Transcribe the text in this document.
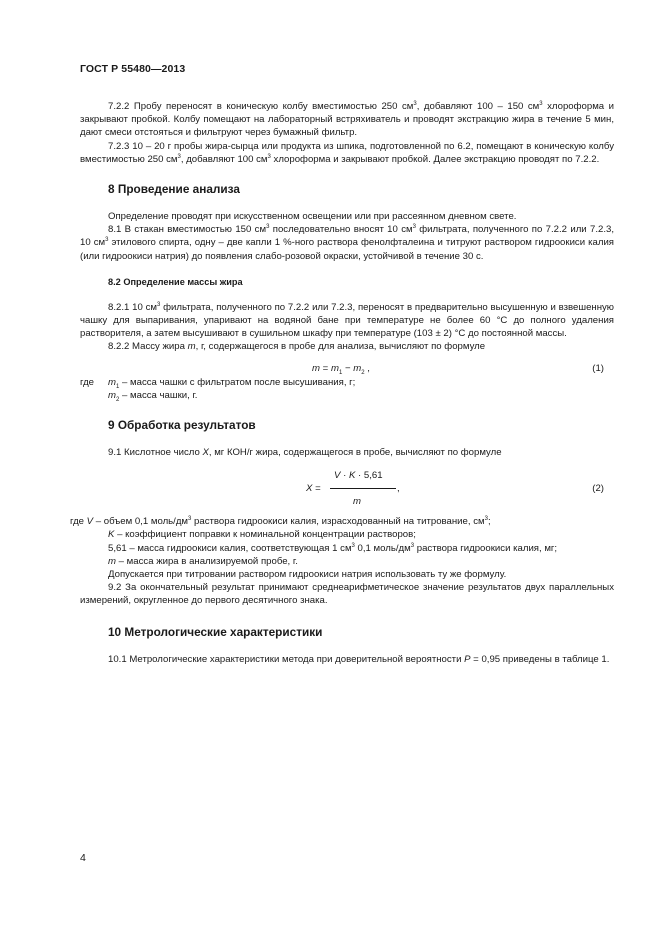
ГОСТ Р 55480—2013

7.2.2 Пробу переносят в коническую колбу вместимостью 250 $см^3$, добавляют 100 – 150 $см^3$ хлороформа и закрывают пробкой. Колбу помещают на лабораторный встряхиватель и проводят экстракцию жира в течение 5 мин, дают смеси отстояться и фильтруют через бумажный фильтр.

7.2.3 10 – 20 г пробы жира-сырца или продукта из шпика, подготовленной по 6.2, помещают в коническую колбу вместимостью 250 $см^3$, добавляют 100 $см^3$ хлороформа и закрывают пробкой. Далее экстракцию проводят по 7.2.2.

8 Проведение анализа

Определение проводят при искусственном освещении или при рассеянном дневном свете.

8.1 В стакан вместимостью 150 $см^3$ последовательно вносят 10 $см^3$ фильтрата, полученного по 7.2.2 или 7.2.3, 10 $см^3$ этилового спирта, одну – две капли 1 %-ного раствора фенолфталеина и титруют раствором гидроокиси калия (или гидроокиси натрия) до появления слабо-розовой окраски, устойчивой в течение 30 с.

8.2 Определение массы жира

8.2.1 10 $см^3$ фильтрата, полученного по 7.2.2 или 7.2.3, переносят в предварительно высушенную и взвешенную чашку для выпаривания, упаривают на водяной бане при температуре не более 60 °С до полного удаления растворителя, а затем высушивают в сушильном шкафу при температуре (103 ± 2) °С до постоянной массы.

8.2.2 Массу жира m, г, содержащегося в пробе для анализа, вычисляют по формуле

$m = m_1 - m_2$ ,	(1)
где $m_1$ – масса чашки с фильтратом после высушивания, г;
$m_2$ – масса чашки, г.
9 Обработка результатов

9.1 Кислотное число X, мг КОН/г жира, содержащегося в пробе, вычисляют по формуле

V · K · 5,61
X =	,
m
(2)
где V – объем 0,1 моль/$дм^3$ раствора гидроокиси калия, израсходованный на титрование, $см^3$;
K – коэффициент поправки к номинальной концентрации растворов;
5,61 – масса гидроокиси калия, соответствующая 1 $см^3$ 0,1 моль/$дм^3$ раствора гидроокиси калия, мг;
m – масса жира в анализируемой пробе, г.

Допускается при титровании раствором гидроокиси натрия использовать ту же формулу.

9.2 За окончательный результат принимают среднеарифметическое значение результатов двух параллельных измерений, округленное до первого десятичного знака.

10 Метрологические характеристики

10.1 Метрологические характеристики метода при доверительной вероятности P = 0,95 приведены в таблице 1.

4
